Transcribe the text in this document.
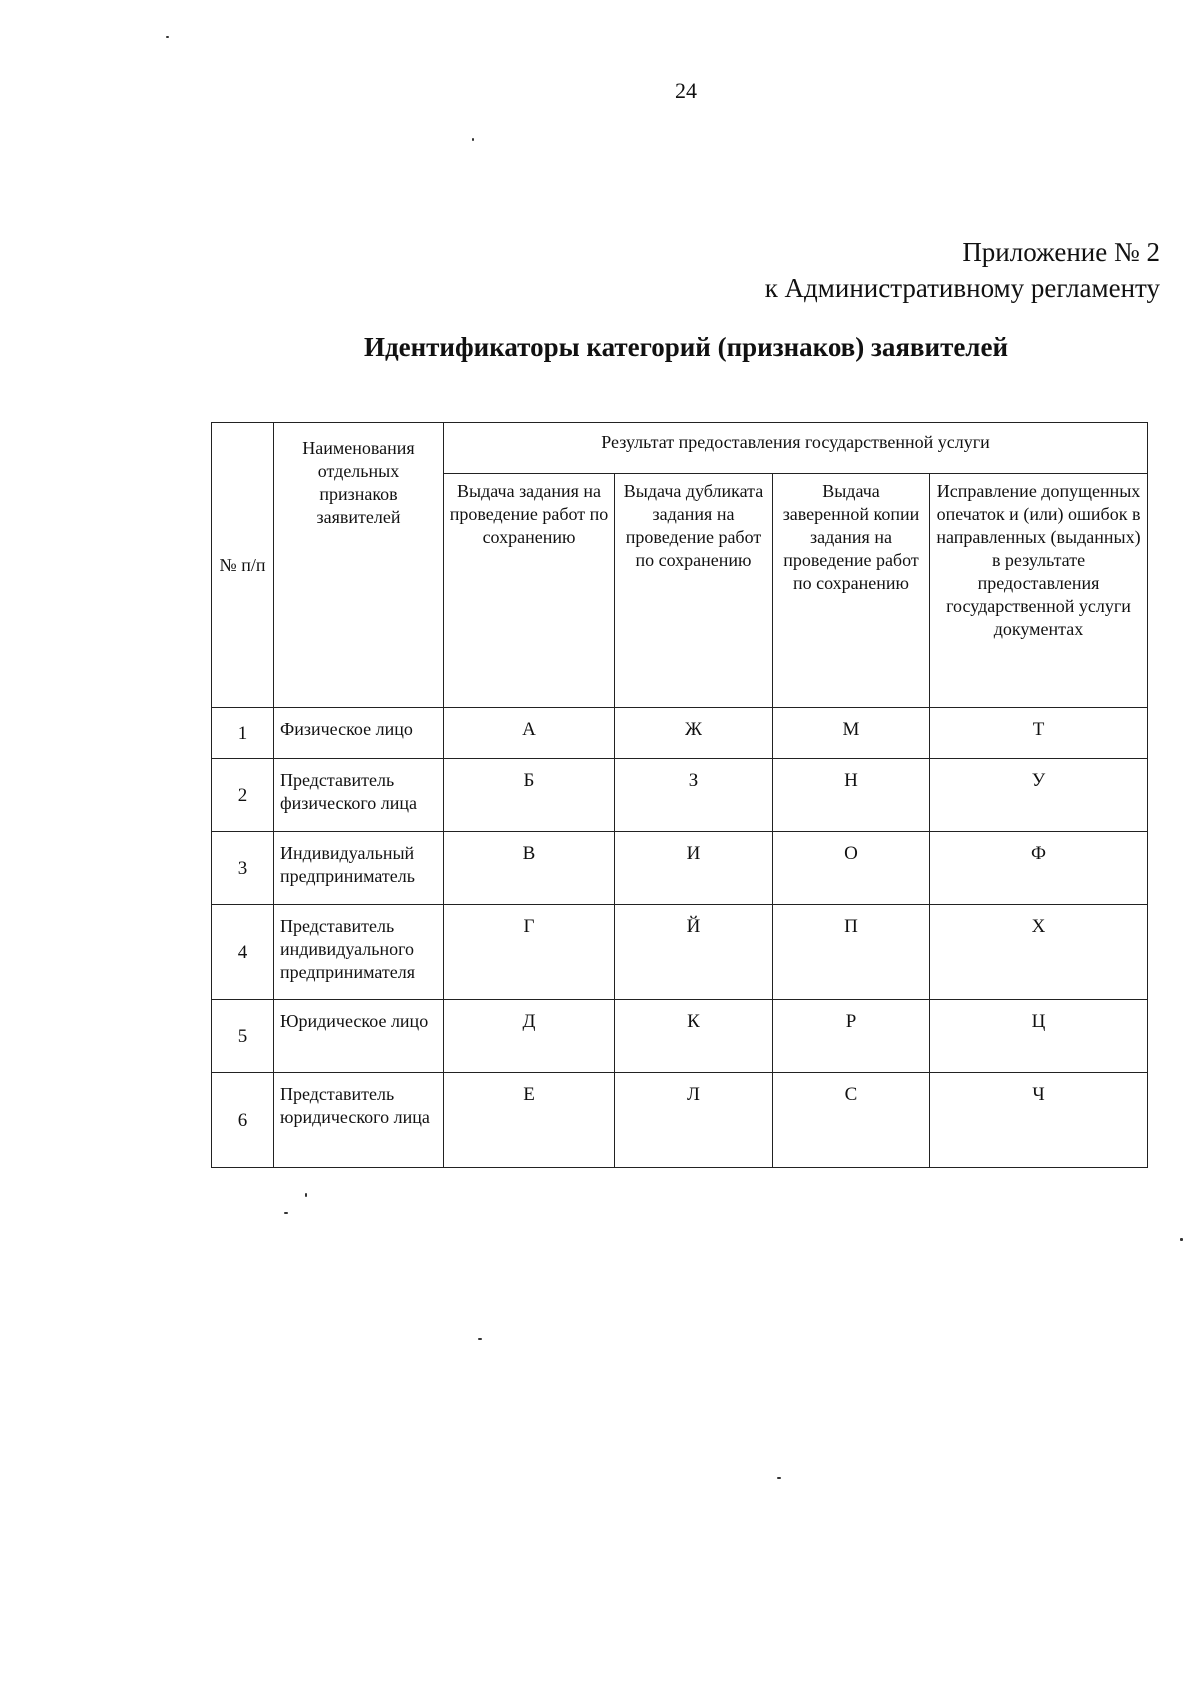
24
Приложение № 2
к Административному регламенту
Идентификаторы категорий (признаков) заявителей
№ п/п	Наименования отдельных признаков заявителей	Результат предоставления государственной услуги			
		Выдача задания на проведение работ по сохранению	Выдача дубликата задания на проведение работ по сохранению	Выдача заверенной копии задания на проведение работ по сохранению	Исправление допущенных опечаток и (или) ошибок в направленных (выданных) в результате предоставления государственной услуги документах
1	Физическое лицо	А	Ж	М	Т
2	Представитель физического лица	Б	З	Н	У
3	Индивидуальный предприниматель	В	И	О	Ф
4	Представитель индивидуального предпринимателя	Г	Й	П	Х
5	Юридическое лицо	Д	К	Р	Ц
6	Представитель юридического лица	Е	Л	С	Ч
